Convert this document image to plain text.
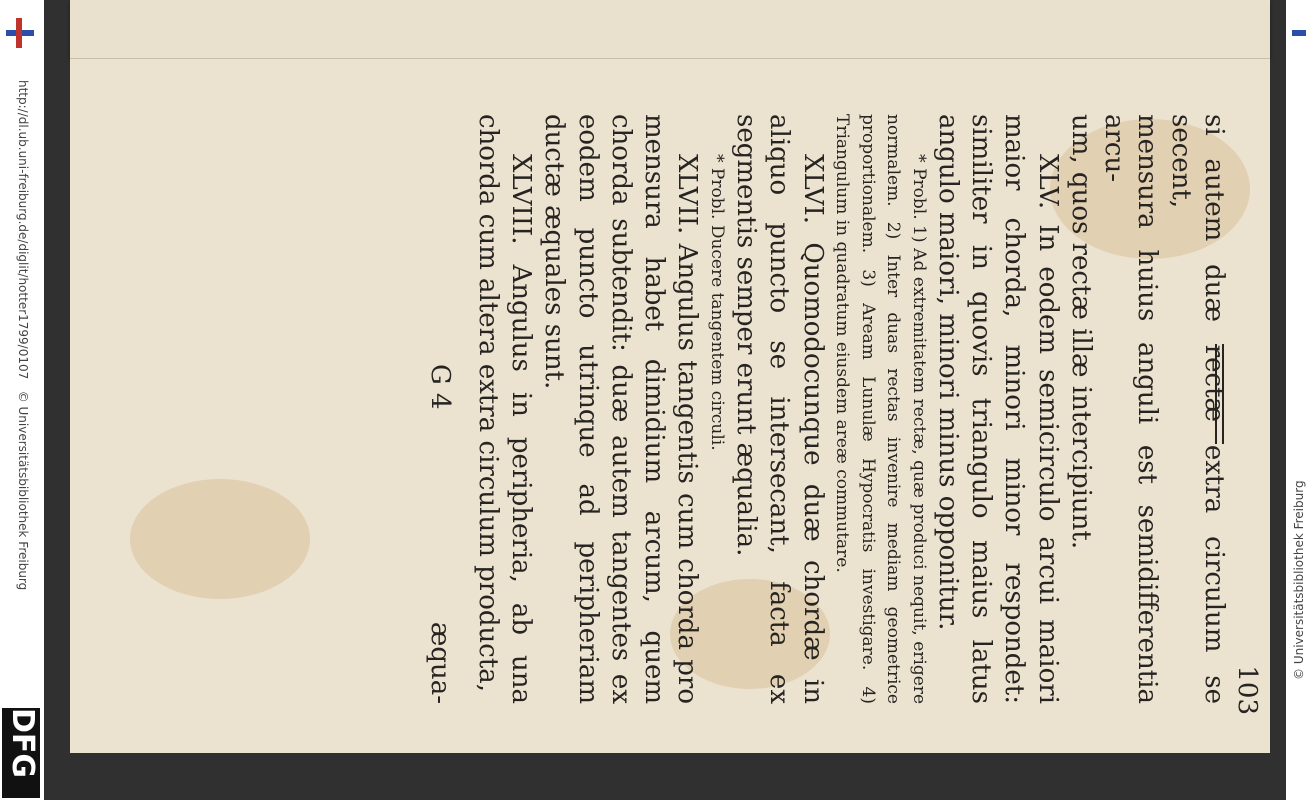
http://dl.ub.uni-freiburg.de/diglit/hotter1799/0107   © Universitätsbibliothek Freiburg
DFG
103

si autem duæ rectæ extra circulum se secent,

mensura huius anguli est semidifferentia arcu-

um, quos rectæ illæ intercipiunt.

XLV. In eodem semicirculo arcui maiori maior chorda, minori minor respondet: similiter in quovis triangulo maius latus angulo maiori, minori minus opponitur.

* Probl. 1) Ad extremitatem rectæ, quæ produci nequit, erigere normalem. 2) Inter duas rectas invenire mediam geometrice proportionalem. 3) Aream Lunulæ Hypocratis investigare. 4) Triangulum in quadratum eiusdem areæ commutare.

XLVI. Quomodocunque duæ chordæ in aliquo puncto se intersecant, facta ex segmentis semper erunt æqualia.

* Probl. Ducere tangentem circuli.

XLVII. Angulus tangentis cum chorda pro mensura habet dimidium arcum, quem chorda subtendit: duæ autem tangentes ex eodem puncto utrinque ad peripheriam ductæ æquales sunt.

XLVIII. Angulus in peripheria, ab una chorda cum altera extra circulum producta,

G 4
æqua-	© Universitätsbibliothek Freiburg
